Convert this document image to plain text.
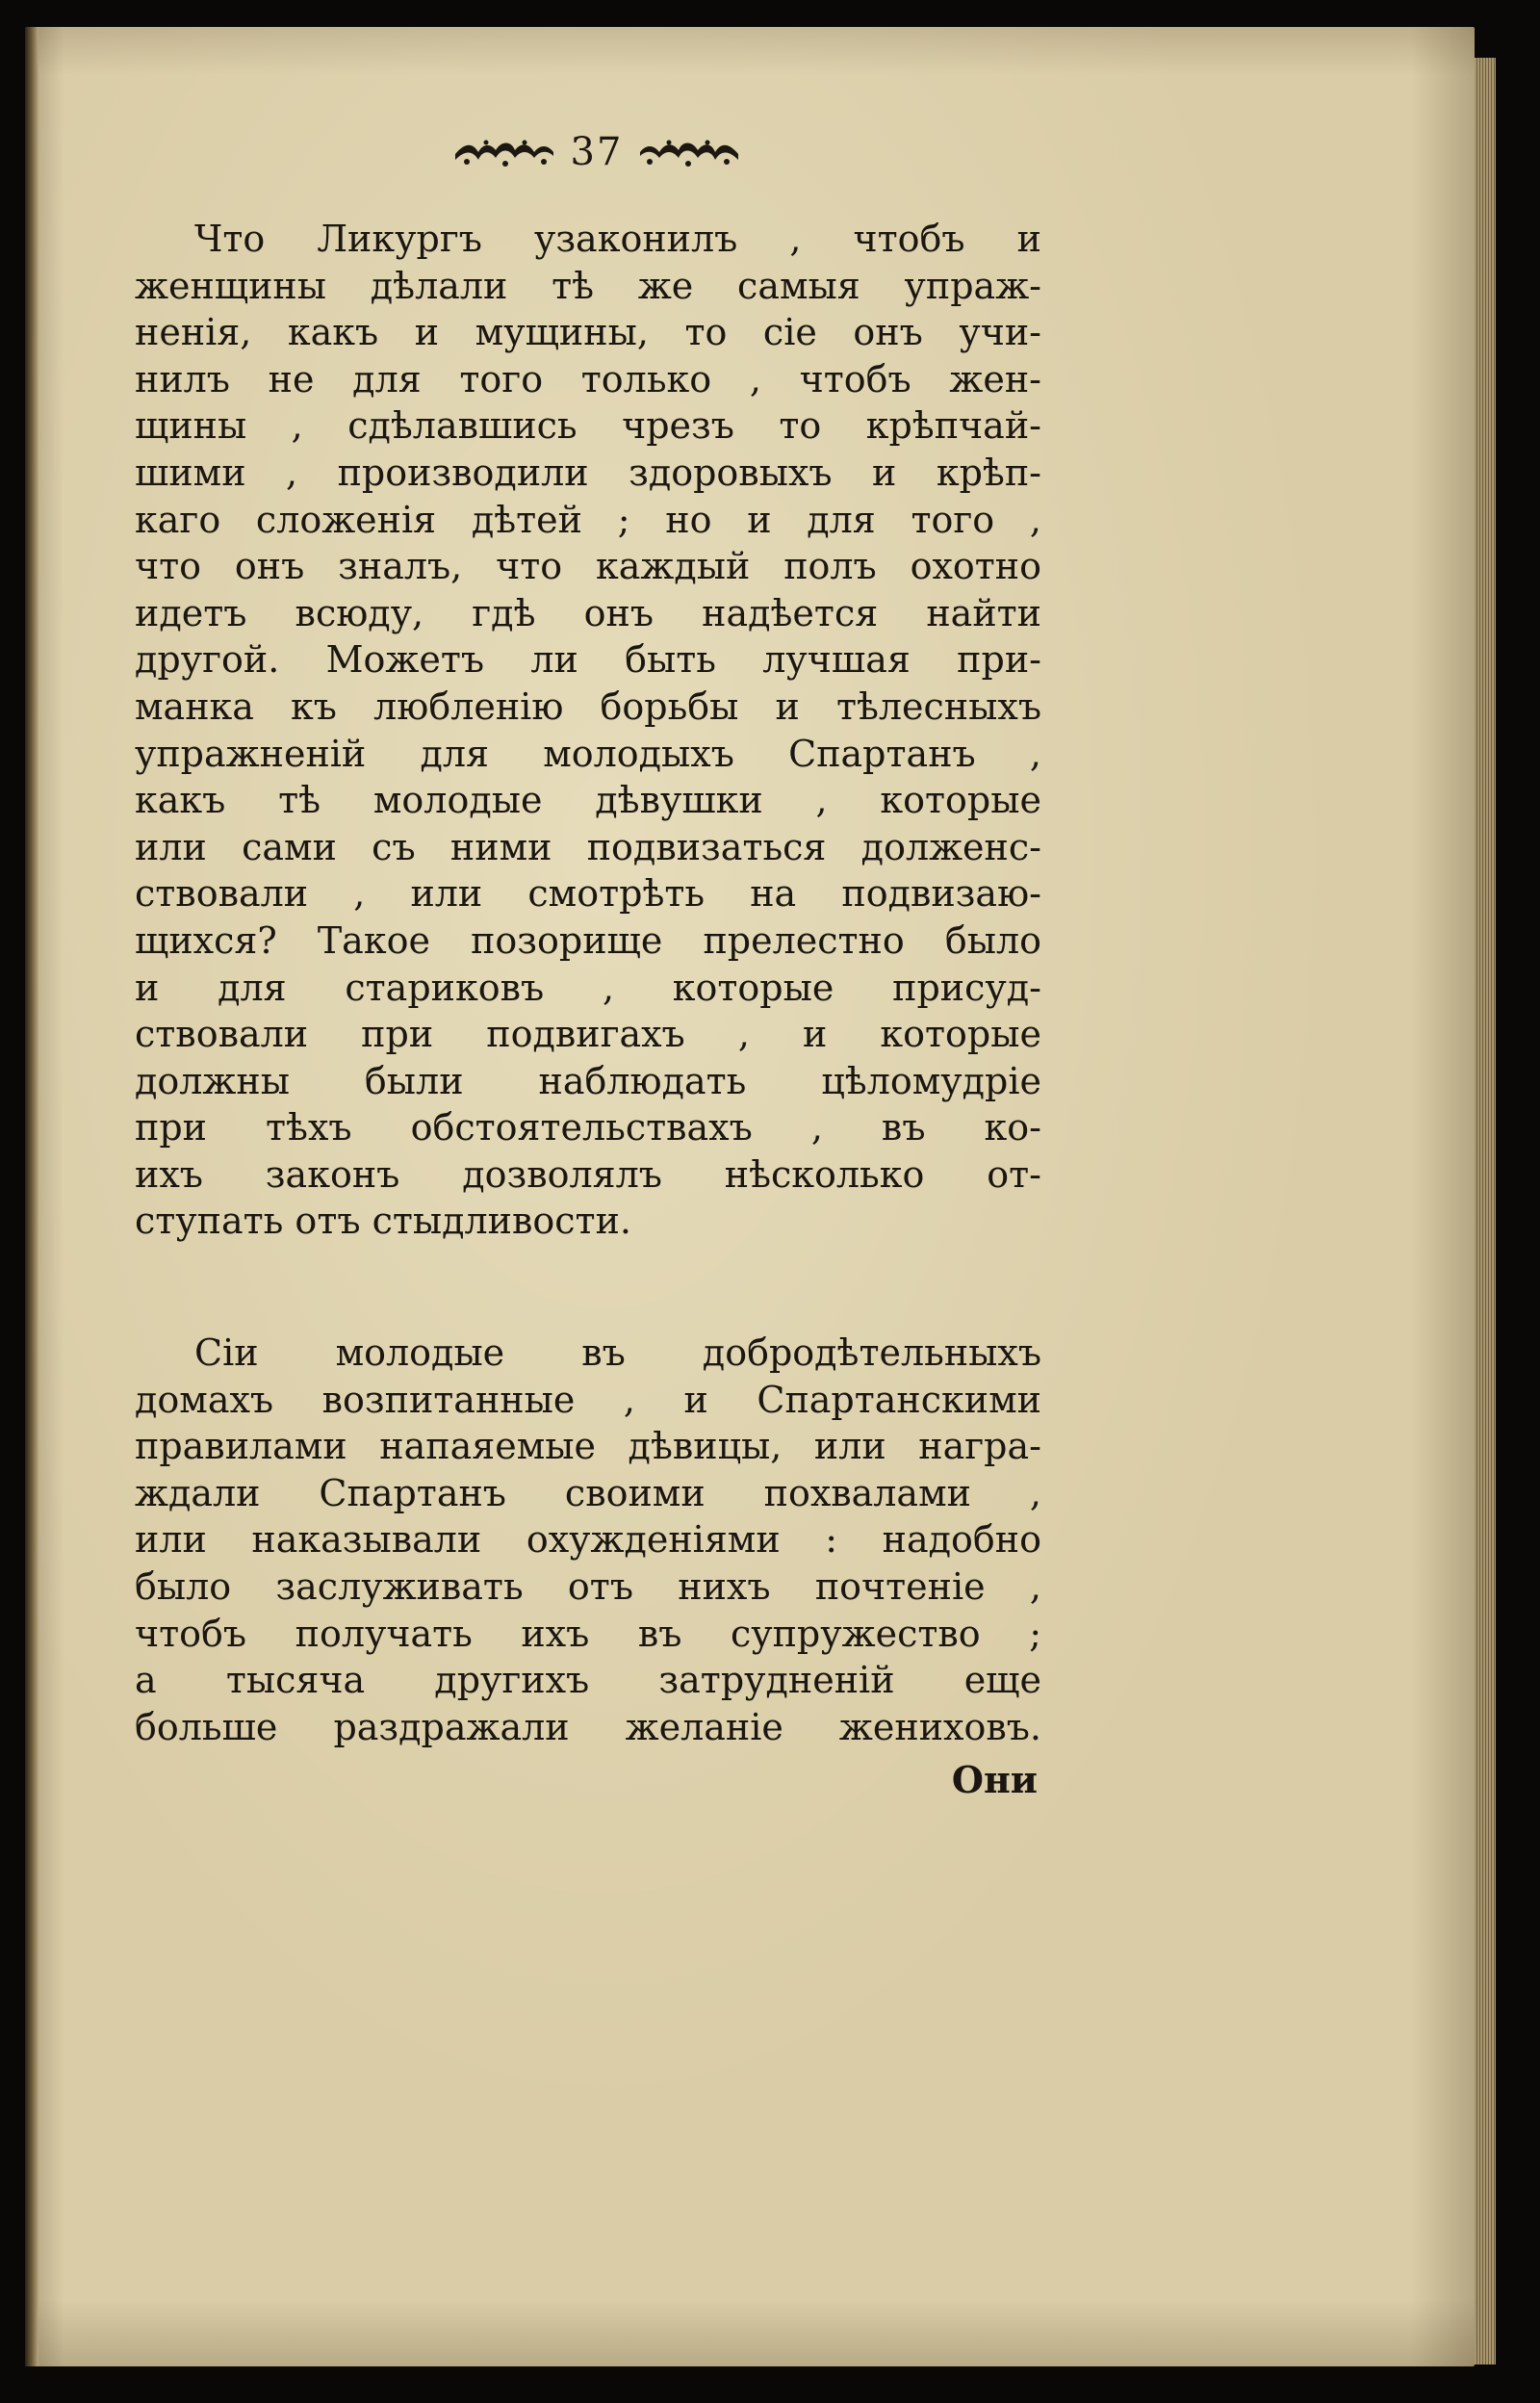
37
Что Ликургъ узаконилъ , чтобъ и
женщины дѣлали тѣ же самыя упраж-
ненія, какъ и мущины, то сіе онъ учи-
нилъ не для того только , чтобъ жен-
щины , сдѣлавшись чрезъ то крѣпчай-
шими , производили здоровыхъ и крѣп-
каго сложенія дѣтей ; но и для того ,
что онъ зналъ, что каждый полъ охотно
идетъ всюду, гдѣ онъ надѣется найти
другой. Можетъ ли быть лучшая при-
манка къ любленію борьбы и тѣлесныхъ
упражненій для молодыхъ Спартанъ ,
какъ тѣ молодые дѣвушки , которые
или сами съ ними подвизаться долженс-
ствовали , или смотрѣть на подвизаю-
щихся? Такое позорище прелестно было
и для стариковъ , которые присуд-
ствовали при подвигахъ , и которые
должны были наблюдать цѣломудріе
при тѣхъ обстоятельствахъ , въ ко-
ихъ законъ дозволялъ нѣсколько от-
ступать отъ стыдливости.
Сіи молодые въ добродѣтельныхъ
домахъ возпитанные , и Спартанскими
правилами напаяемые дѣвицы, или награ-
ждали Спартанъ своими похвалами ,
или наказывали охужденіями : надобно
было заслуживать отъ нихъ почтеніе ,
чтобъ получать ихъ въ супружество ;
а тысяча другихъ затрудненій еще
больше раздражали желаніе жениховъ.
Они
